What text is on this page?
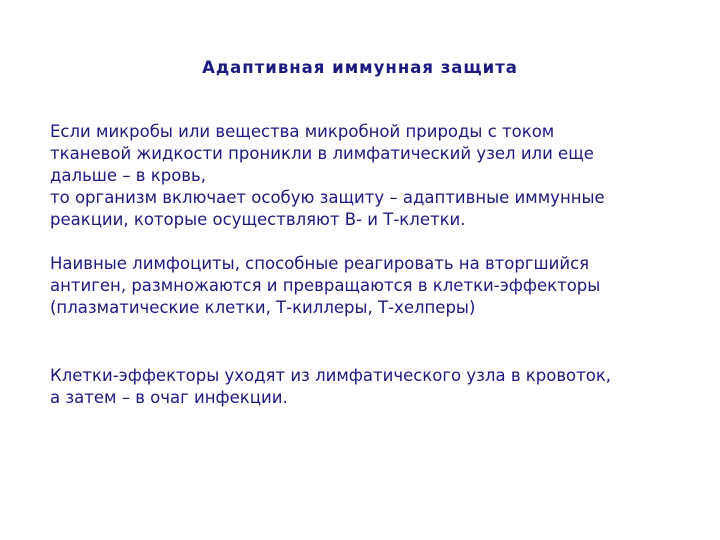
Адаптивная иммунная защита
Если микробы или вещества микробной природы с током
тканевой жидкости проникли в лимфатический узел или еще
дальше – в кровь,
то организм включает особую защиту – адаптивные иммунные
реакции, которые осуществляют В- и Т-клетки.
Наивные лимфоциты, способные реагировать на вторгшийся
антиген, размножаются и превращаются в клетки-эффекторы
(плазматические клетки, Т-киллеры, Т-хелперы)
Клетки-эффекторы уходят из лимфатического узла в кровоток,
а затем – в очаг инфекции.
